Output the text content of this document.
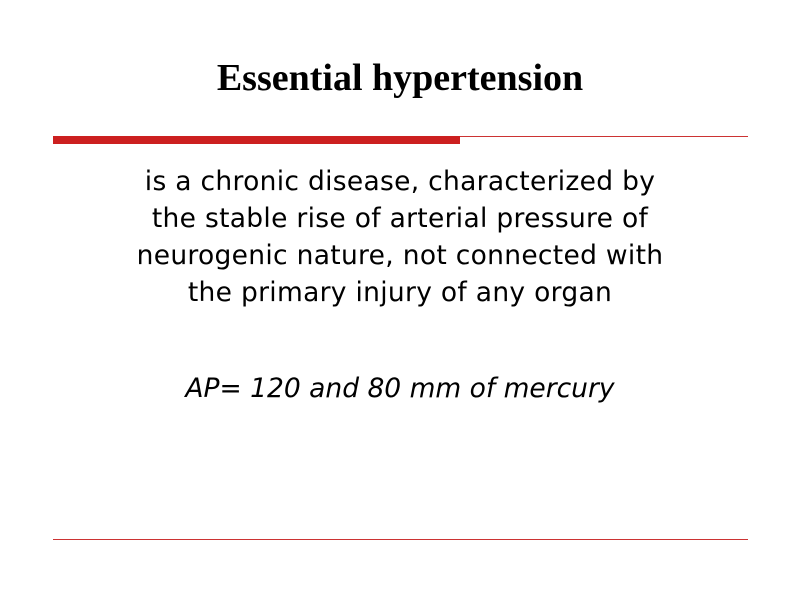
Essential hypertension
is a chronic disease, characterized by
the stable rise of arterial pressure of
neurogenic nature, not connected with
the primary injury of any organ
AP= 120 and 80 mm of mercury
